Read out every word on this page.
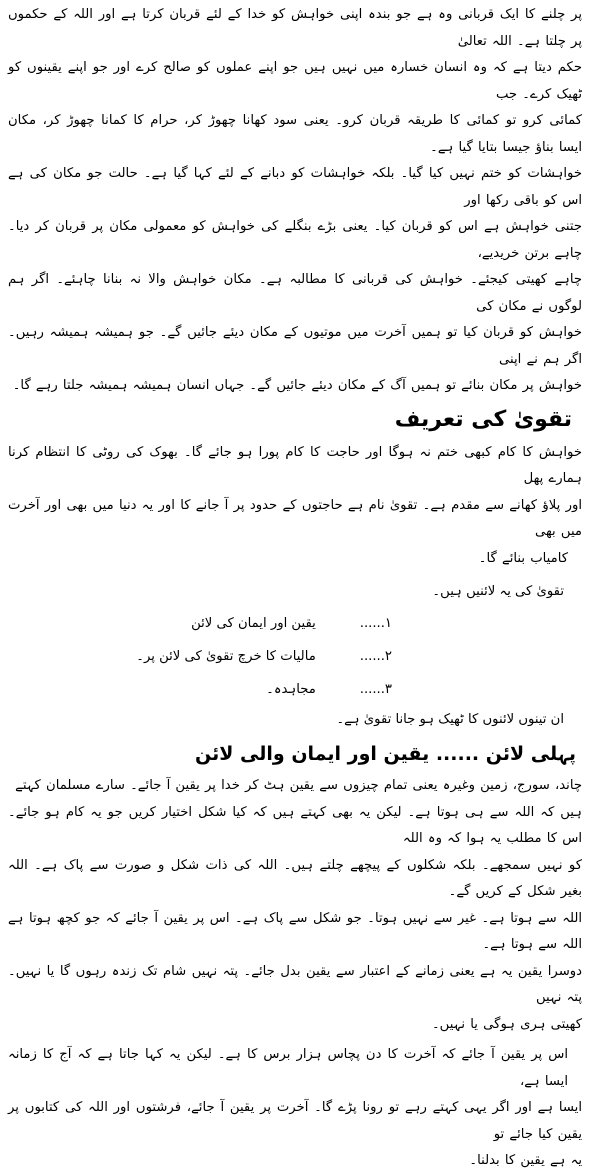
پر چلنے کا ایک قربانی وہ ہے جو بندہ اپنی خواہش کو خدا کے لئے قربان کرتا ہے اور اللہ کے حکموں پر چلتا ہے۔ اللہ تعالیٰ
حکم دیتا ہے کہ وہ انسان خسارہ میں نہیں ہیں جو اپنے عملوں کو صالح کرے اور جو اپنے یقینوں کو ٹھیک کرے۔ جب
کمائی کرو تو کمائی کا طریقہ قربان کرو۔ یعنی سود کھانا چھوڑ کر، حرام کا کمانا چھوڑ کر، مکان ایسا بناؤ جیسا بتایا گیا ہے۔
خواہشات کو ختم نہیں کیا گیا۔ بلکہ خواہشات کو دبانے کے لئے کہا گیا ہے۔ حالت جو مکان کی ہے اس کو باقی رکھا اور
جتنی خواہش ہے اس کو قربان کیا۔ یعنی بڑے بنگلے کی خواہش کو معمولی مکان پر قربان کر دیا۔ چاہے برتن خریدیے،
چاہے کھیتی کیجئے۔ خواہش کی قربانی کا مطالبہ ہے۔ مکان خواہش والا نہ بنانا چاہئے۔ اگر ہم لوگوں نے مکان کی
خواہش کو قربان کیا تو ہمیں آخرت میں موتیوں کے مکان دیئے جائیں گے۔ جو ہمیشہ ہمیشہ رہیں۔ اگر ہم نے اپنی
خواہش پر مکان بنائے تو ہمیں آگ کے مکان دیئے جائیں گے۔ جہاں انسان ہمیشہ ہمیشہ جلتا رہے گا۔
تقویٰ کی تعریف
خواہش کا کام کبھی ختم نہ ہوگا اور حاجت کا کام پورا ہو جائے گا۔ بھوک کی روٹی کا انتظام کرنا ہمارے پھل
اور پلاؤ کھانے سے مقدم ہے۔ تقویٰ نام ہے حاجتوں کے حدود پر آ جانے کا اور یہ دنیا میں بھی اور آخرت میں بھی
کامیاب بنائے گا۔
تقویٰ کی یہ لائنیں ہیں۔
۱...... یقین اور ایمان کی لائن
۲...... مالیات کا خرچ تقویٰ کی لائن پر۔
۳...... مجاہدہ۔
ان تینوں لائنوں کا ٹھیک ہو جانا تقویٰ ہے۔
پہلی لائن ...... یقین اور ایمان والی لائن
چاند، سورج، زمین وغیرہ یعنی تمام چیزوں سے یقین ہٹ کر خدا پر یقین آ جائے۔ سارے مسلمان کہتے
ہیں کہ اللہ سے ہی ہوتا ہے۔ لیکن یہ بھی کہتے ہیں کہ کیا شکل اختیار کریں جو یہ کام ہو جائے۔ اس کا مطلب یہ ہوا کہ وہ اللہ
کو نہیں سمجھے۔ بلکہ شکلوں کے پیچھے چلتے ہیں۔ اللہ کی ذات شکل و صورت سے پاک ہے۔ اللہ بغیر شکل کے کریں گے۔
اللہ سے ہوتا ہے۔ غیر سے نہیں ہوتا۔ جو شکل سے پاک ہے۔ اس پر یقین آ جائے کہ جو کچھ ہوتا ہے اللہ سے ہوتا ہے۔
دوسرا یقین یہ ہے یعنی زمانے کے اعتبار سے یقین بدل جائے۔ پتہ نہیں شام تک زندہ رہوں گا یا نہیں۔ پتہ نہیں
کھیتی ہری ہوگی یا نہیں۔
اس پر یقین آ جائے کہ آخرت کا دن پچاس ہزار برس کا ہے۔ لیکن یہ کہا جاتا ہے کہ آج کا زمانہ ایسا ہے،
ایسا ہے اور اگر یہی کہتے رہے تو رونا پڑے گا۔ آخرت پر یقین آ جائے، فرشتوں اور اللہ کی کتابوں پر یقین کیا جائے تو
یہ ہے یقین کا بدلنا۔
